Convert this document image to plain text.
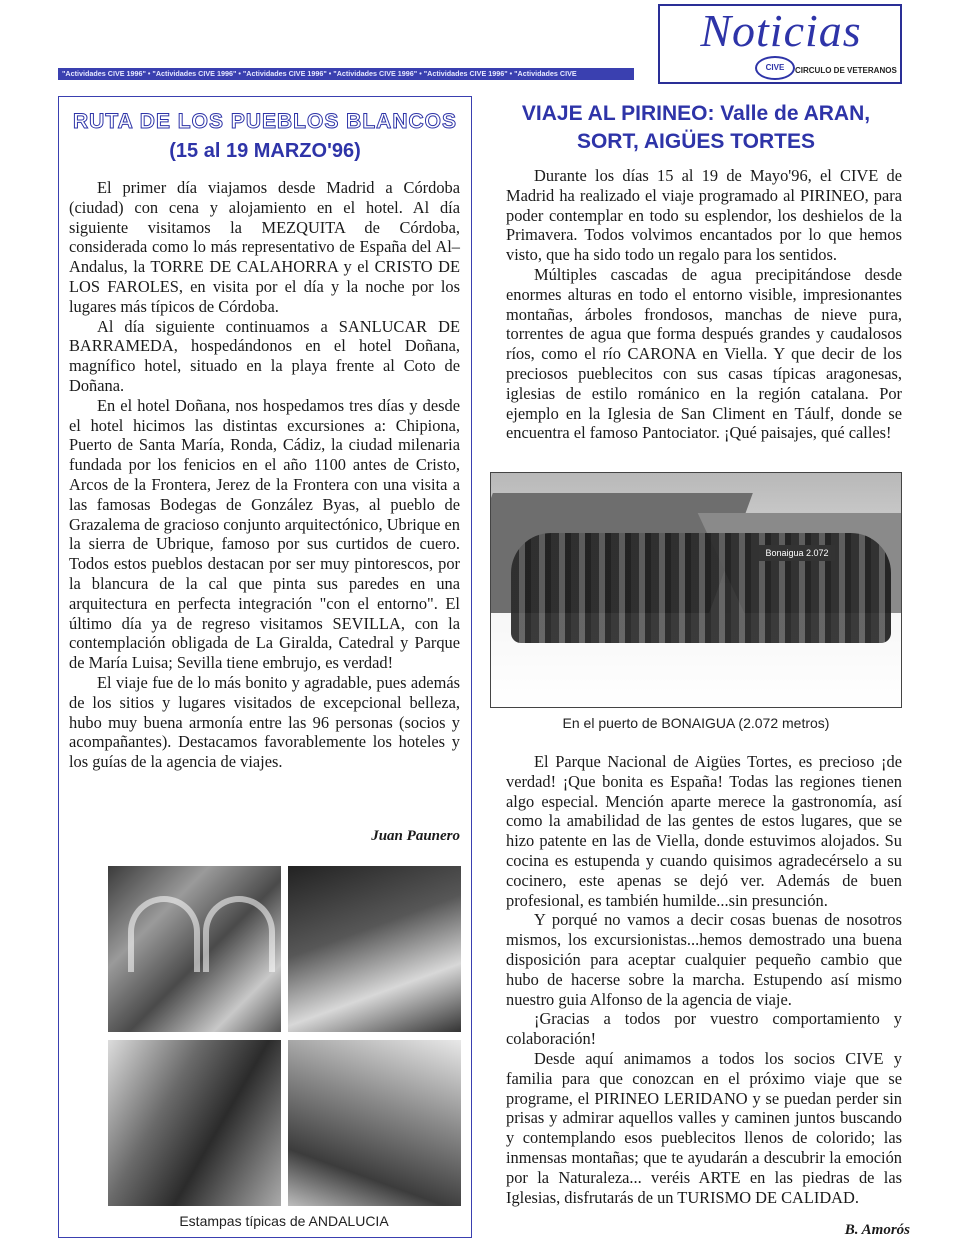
Noticias
CIVE	CIRCULO DE VETERANOS
"Actividades CIVE 1996" • "Actividades CIVE 1996" • "Actividades CIVE 1996" • "Actividades CIVE 1996" • "Actividades CIVE 1996" • "Actividades CIVE
RUTA DE LOS PUEBLOS BLANCOS
(15 al 19 MARZO'96)

El primer día viajamos desde Madrid a Córdoba (ciudad) con cena y alojamiento en el hotel. Al día siguiente visitamos la MEZQUITA de Córdoba, considerada como lo más representativo de España del Al–Andalus, la TORRE DE CALAHORRA y el CRISTO DE LOS FAROLES, en visita por el día y la noche por los lugares más típicos de Córdoba.

Al día siguiente continuamos a SANLUCAR DE BARRAMEDA, hospedándonos en el hotel Doñana, magnífico hotel, situado en la playa frente al Coto de Doñana.

En el hotel Doñana, nos hospedamos tres días y desde el hotel hicimos las distintas excursiones a: Chipiona, Puerto de Santa María, Ronda, Cádiz, la ciudad milenaria fundada por los fenicios en el año 1100 antes de Cristo, Arcos de la Frontera, Jerez de la Frontera con una visita a las famosas Bodegas de González Byas, al pueblo de Grazalema de gracioso conjunto arquitectónico, Ubrique en la sierra de Ubrique, famoso por sus curtidos de cuero. Todos estos pueblos destacan por ser muy pintorescos, por la blancura de la cal que pinta sus paredes en una arquitectura en perfecta integración "con el entorno". El último día ya de regreso visitamos SEVILLA, con la contemplación obligada de La Giralda, Catedral y Parque de María Luisa; Sevilla tiene embrujo, es verdad!

El viaje fue de lo más bonito y agradable, pues además de los sitios y lugares visitados de excepcional belleza, hubo muy buena armonía entre las 96 personas (socios y acompañantes). Destacamos favorablemente los hoteles y los guías de la agencia de viajes.

Juan Paunero
Estampas típicas de ANDALUCIA
VIAJE AL PIRINEO: Valle de ARAN,
SORT, AIGÜES TORTES

Durante los días 15 al 19 de Mayo'96, el CIVE de Madrid ha realizado el viaje programado al PIRINEO, para poder contemplar en todo su esplendor, los deshielos de la Primavera. Todos volvimos encantados por lo que hemos visto, que ha sido todo un regalo para los sentidos.

Múltiples cascadas de agua precipitándose desde enormes alturas en todo el entorno visible, impresionantes montañas, árboles frondosos, manchas de nieve pura, torrentes de agua que forma después grandes y caudalosos ríos, como el río CARONA en Viella. Y que decir de los preciosos pueblecitos con sus casas típicas aragonesas, iglesias de estilo románico en la región catalana. Por ejemplo en la Iglesia de San Climent en Táulf, donde se encuentra el famoso Pantociator. ¡Qué paisajes, qué calles!

Bonaigua 2.072
En el puerto de BONAIGUA (2.072 metros)

El Parque Nacional de Aigües Tortes, es precioso ¡de verdad! ¡Que bonita es España! Todas las regiones tienen algo especial. Mención aparte merece la gastronomía, así como la amabilidad de las gentes de estos lugares, que se hizo patente en las de Viella, donde estuvimos alojados. Su cocina es estupenda y cuando quisimos agradecérselo a su cocinero, este apenas se dejó ver. Además de buen profesional, es también humilde...sin presunción.

Y porqué no vamos a decir cosas buenas de nosotros mismos, los excursionistas...hemos demostrado una buena disposición para aceptar cualquier pequeño cambio que hubo de hacerse sobre la marcha. Estupendo así mismo nuestro guia Alfonso de la agencia de viaje.

¡Gracias a todos por vuestro comportamiento y colaboración!

Desde aquí animamos a todos los socios CIVE y familia para que conozcan en el próximo viaje que se programe, el PIRINEO LERIDANO y se puedan perder sin prisas y admirar aquellos valles y caminen juntos buscando y contemplando esos pueblecitos llenos de colorido; las inmensas montañas; que te ayudarán a descubrir la emoción por la Naturaleza... veréis ARTE en las piedras de las Iglesias, disfrutarás de un TURISMO DE CALIDAD.

B. Amorós
